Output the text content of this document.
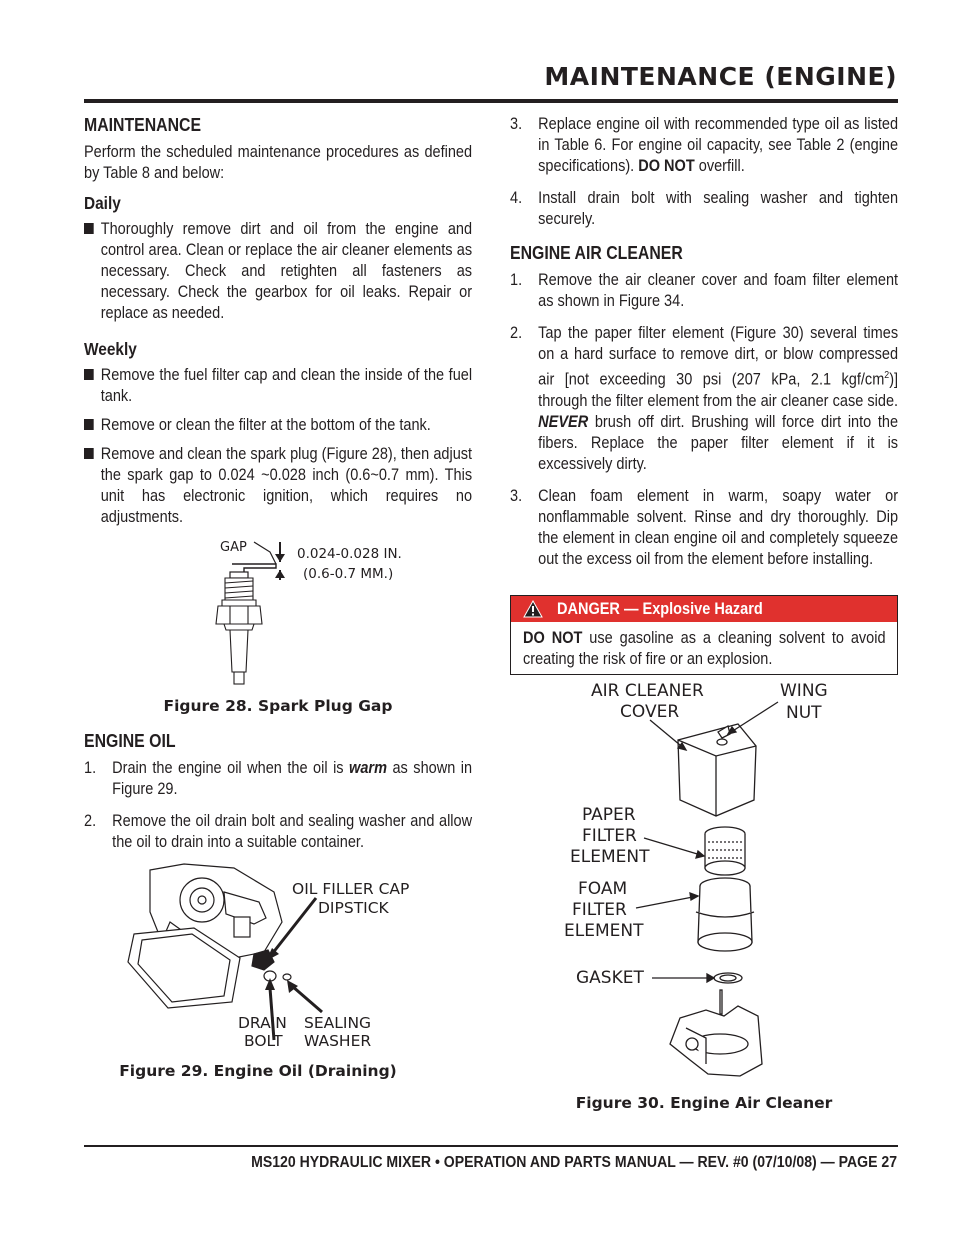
MAINTENANCE (ENGINE)
MAINTENANCE

Perform the scheduled maintenance procedures as defined by Table 8 and below:

Daily

Thoroughly remove dirt and oil from the engine and control area. Clean or replace the air cleaner elements as necessary. Check and retighten all fasteners as necessary. Check the gearbox for oil leaks. Repair or replace as needed.

Weekly

Remove the fuel filter cap and clean the inside of the fuel tank.

Remove or clean the filter at the bottom of the tank.

Remove and clean the spark plug (Figure 28), then adjust the spark gap to 0.024 ~0.028 inch (0.6~0.7 mm). This unit has electronic ignition, which requires no adjustments.

GAP	0.024-0.028 IN.
(0.6-0.7 MM.)
Figure 28. Spark Plug Gap
ENGINE OIL
1. Drain the engine oil when the oil is warm as shown in Figure 29.

2. Remove the oil drain bolt and sealing washer and allow the oil to drain into a suitable container.

OIL FILLER CAP
DIPSTICK
DRAIN
BOLT
SEALING
WASHER
Figure 29. Engine Oil (Draining)
3. Replace engine oil with recommended type oil as listed in Table 6. For engine oil capacity, see Table 2 (engine specifications). DO NOT overfill.

4. Install drain bolt with sealing washer and tighten securely.

ENGINE AIR CLEANER
1. Remove the air cleaner cover and foam filter element as shown in Figure 34.

2. Tap the paper filter element (Figure 30) several times on a hard surface to remove dirt, or blow compressed air [not exceeding 30 psi (207 kPa, 2.1 kgf/$cm^2$)] through the filter element from the air cleaner case side. NEVER brush off dirt. Brushing will force dirt into the fibers. Replace the paper filter element if it is excessively dirty.

3. Clean foam element in warm, soapy water or nonflammable solvent. Rinse and dry thoroughly. Dip the element in clean engine oil and completely squeeze out the excess oil from the element before installing.

DANGER — Explosive Hazard

DO NOT use gasoline as a cleaning solvent to avoid creating the risk of fire or an explosion.

AIR CLEANER
COVER
WING
NUT
PAPER
FILTER
ELEMENT
FOAM
FILTER
ELEMENT
GASKET
Figure 30. Engine Air Cleaner
MS120 HYDRAULIC MIXER • OPERATION AND PARTS MANUAL — REV. #0 (07/10/08) — PAGE 27
